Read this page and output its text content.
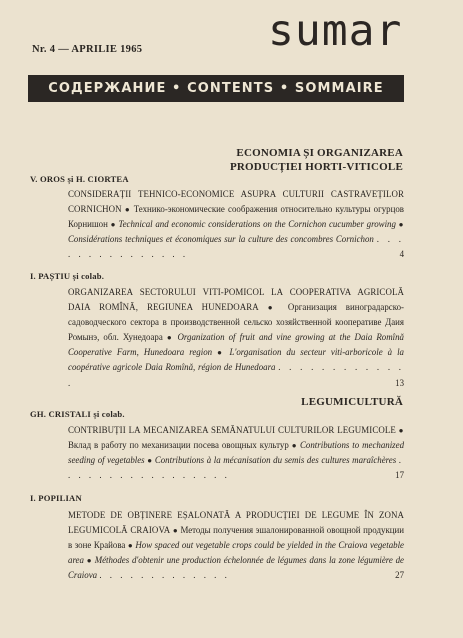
Nr. 4 — APRILIE 1965	sumar
СОДЕРЖАНИЕ • CONTENTS • SOMMAIRE
ECONOMIA ȘI ORGANIZAREA
PRODUCȚIEI HORTI-VITICOLE
V. OROS și H. CIORTEA
CONSIDERAȚII TEHNICO-ECONOMICE ASUPRA CULTURII CASTRAVEȚILOR CORNICHON ● Технико-экономические соображения относительно культуры огурцов Корнишон ● Technical and economic considerations on the Cornichon cucumber growing ● Considérations techniques et économiques sur la culture des concombres Cornichon . . . . . . . . . . . . . . .	4
I. PAȘTIU și colab.
ORGANIZAREA SECTORULUI VITI-POMICOL LA COOPERATIVA AGRICOLĂ DAIA ROMÎNĂ, REGIUNEA HUNEDOARA ● Организация виноградарско-садоводческого сектора в производственной сельско хозяйственной кооперативе Даия Ромынэ, обл. Хунедоара ● Organization of fruit and vine growing at the Daia Romînă Cooperative Farm, Hunedoara region ● L'organisation du secteur viti-arboricole à la coopérative agricole Daia Romînă, région de Hunedoara . . . . . . . . . . . . .	13
LEGUMICULTURĂ
GH. CRISTALI și colab.
CONTRIBUȚII LA MECANIZAREA SEMĂNATULUI CULTURILOR LEGUMICOLE ● Вклад в работу по механизации посева овощных культур ● Contributions to mechanized seeding of vegetables ● Contributions à la mécanisation du semis des cultures maraîchères . . . . . . . . . . . . . . . . .	17
I. POPILIAN
METODE DE OBȚINERE EȘALONATĂ A PRODUCȚIEI DE LEGUME ÎN ZONA LEGUMICOLĂ CRAIOVA ● Методы получения эшалонированной овощной продукции в зоне Крайова ● How spaced out vegetable crops could be yielded in the Craiova vegetable area ● Méthodes d'obtenir une production échelonnée de légumes dans la zone légumière de Craiova . . . . . . . . . . . . .	27
